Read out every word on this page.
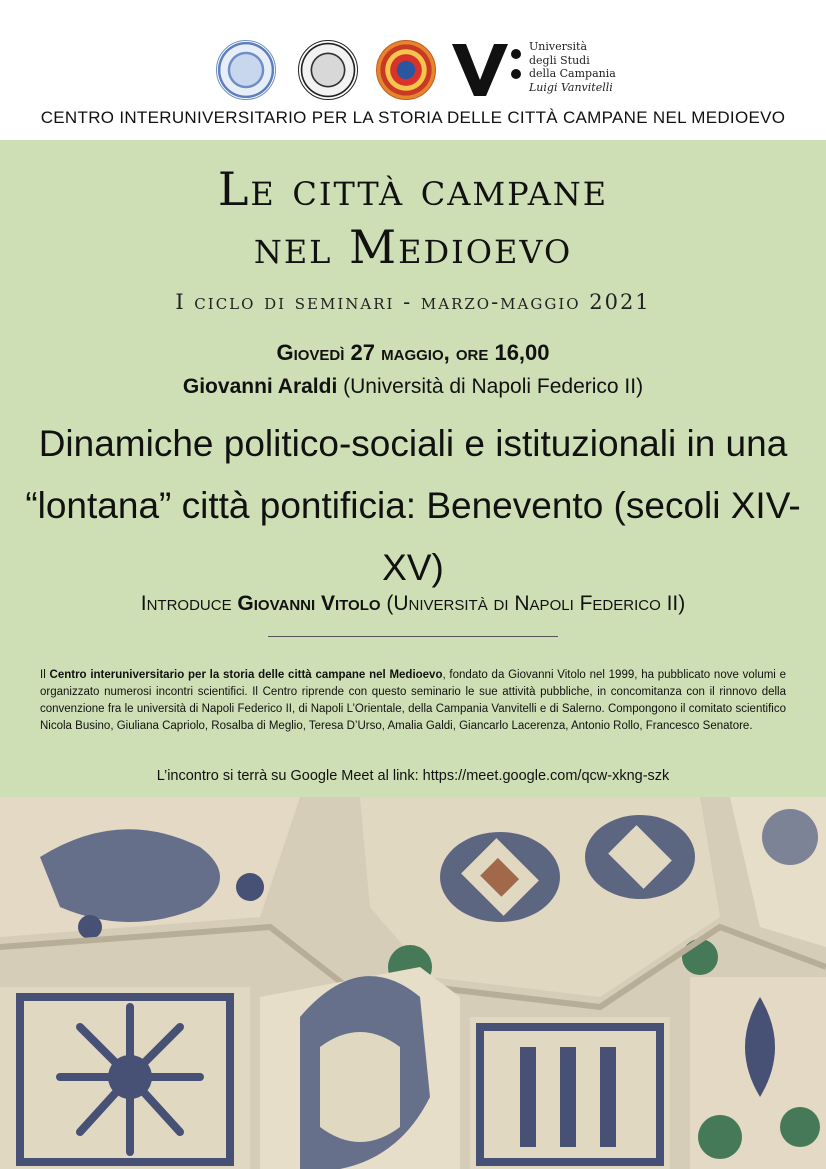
Università
degli Studi
della Campania
Luigi Vanvitelli
CENTRO INTERUNIVERSITARIO PER LA STORIA DELLE CITTÀ CAMPANE NEL MEDIOEVO
Le città campane
nel Medioevo
I ciclo di seminari - marzo-maggio 2021
Giovedì 27 maggio, ore 16,00
Giovanni Araldi (Università di Napoli Federico II)
Dinamiche politico-sociali e istituzionali in una “lontana” città pontificia: Benevento (secoli XIV-XV)
Introduce Giovanni Vitolo (Università di Napoli Federico II)
Il Centro interuniversitario per la storia delle città campane nel Medioevo, fondato da Giovanni Vitolo nel 1999, ha pubblicato nove volumi e organizzato numerosi incontri scientifici. Il Centro riprende con questo seminario le sue attività pubbliche, in concomitanza con il rinnovo della convenzione fra le università di Napoli Federico II, di Napoli L’Orientale, della Campania Vanvitelli e di Salerno. Compongono il comitato scientifico Nicola Busino, Giuliana Capriolo, Rosalba di Meglio, Teresa D’Urso, Amalia Galdi, Giancarlo Lacerenza, Antonio Rollo, Francesco Senatore.
L’incontro si terrà su Google Meet al link: https://meet.google.com/qcw-xkng-szk
